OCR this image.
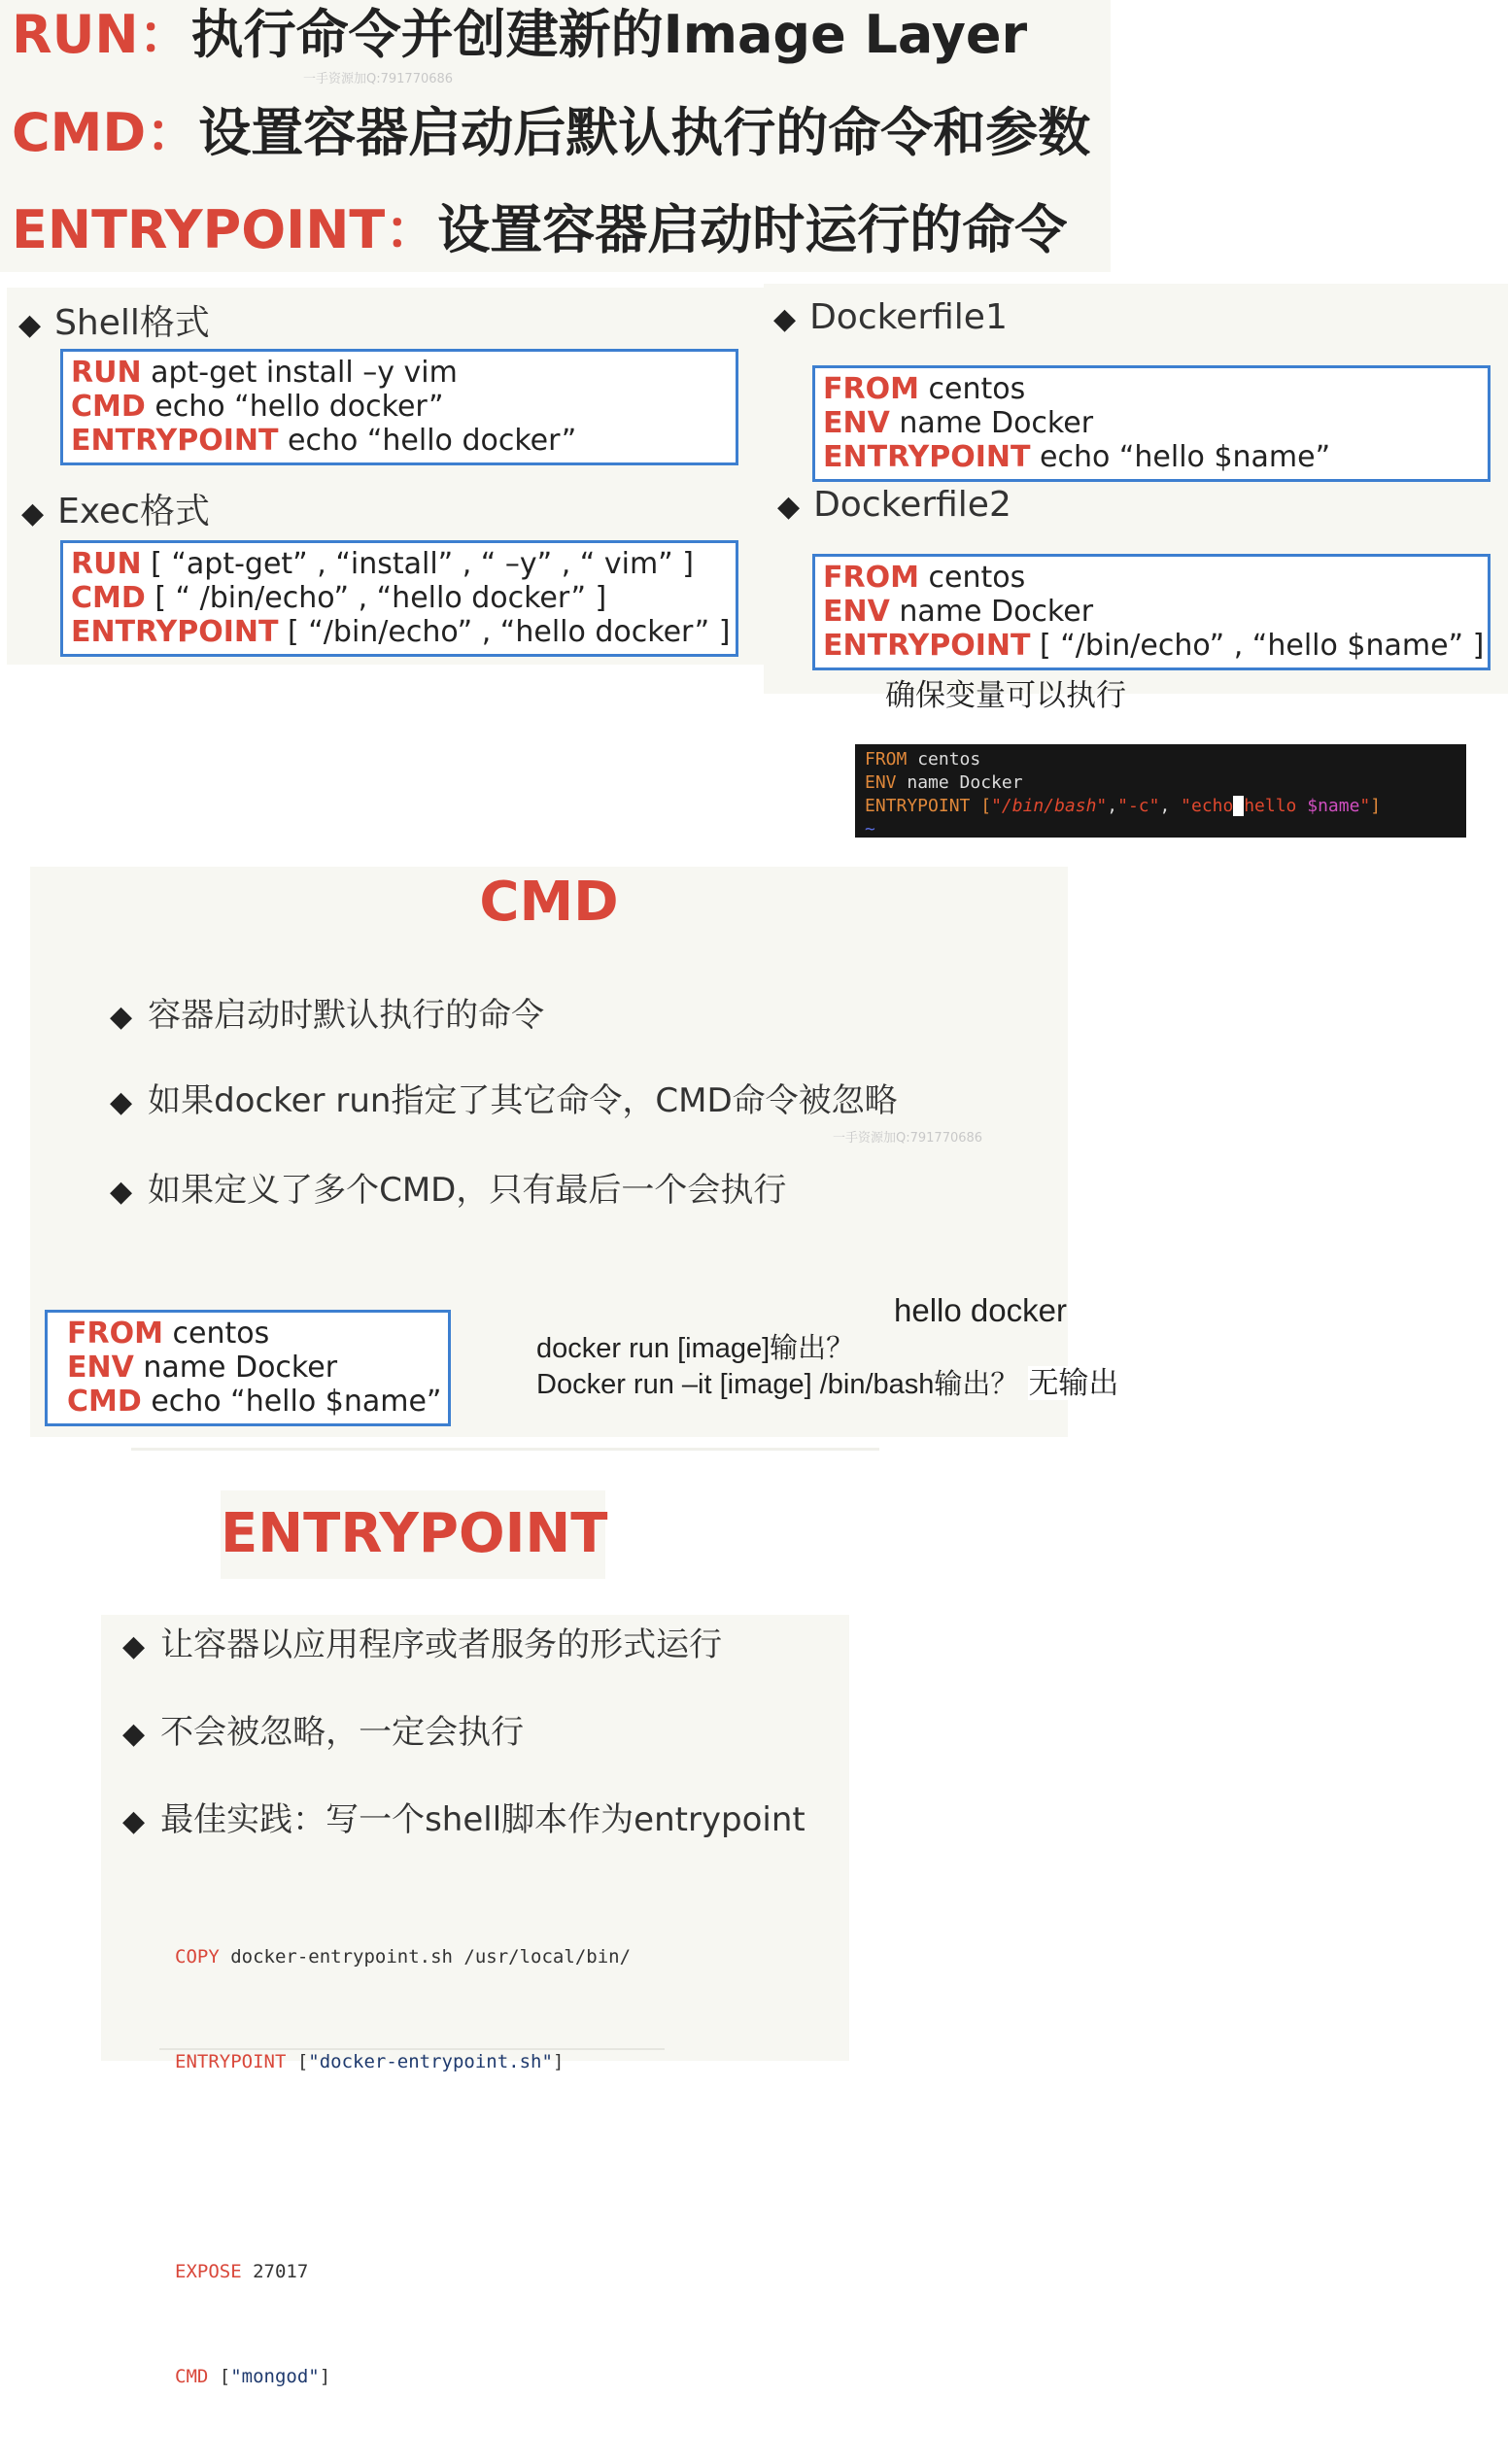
RUN：执行命令并创建新的Image Layer
一手资源加Q:791770686
CMD：设置容器启动后默认执行的命令和参数
ENTRYPOINT：设置容器启动时运行的命令
◆ Shell格式
RUN apt-get install –y vim
CMD echo “hello docker”
ENTRYPOINT echo “hello docker”
◆ Exec格式
RUN [ “apt-get” , “install” , “ –y” , “ vim” ]
CMD [ “ /bin/echo” , “hello docker” ]
ENTRYPOINT [ “/bin/echo” , “hello docker” ]
◆ Dockerfile1
FROM centos
ENV name Docker
ENTRYPOINT echo “hello $name”
◆ Dockerfile2
FROM centos
ENV name Docker
ENTRYPOINT [ “/bin/echo” , “hello $name” ]
确保变量可以执行
FROM centos
ENV name Docker
ENTRYPOINT ["/bin/bash","-c", "echo hello $name"]
~
CMD
◆ 容器启动时默认执行的命令
◆ 如果docker run指定了其它命令，CMD命令被忽略
一手资源加Q:791770686
◆ 如果定义了多个CMD，只有最后一个会执行
FROM centos
ENV name Docker
CMD echo “hello $name”
docker run [image]输出？
hello docker
Docker run –it [image] /bin/bash输出？ 无输出
ENTRYPOINT
◆ 让容器以应用程序或者服务的形式运行
◆ 不会被忽略，一定会执行
◆ 最佳实践：写一个shell脚本作为entrypoint

COPY docker-entrypoint.sh /usr/local/bin/

ENTRYPOINT ["docker-entrypoint.sh"]

EXPOSE 27017

CMD ["mongod"]
